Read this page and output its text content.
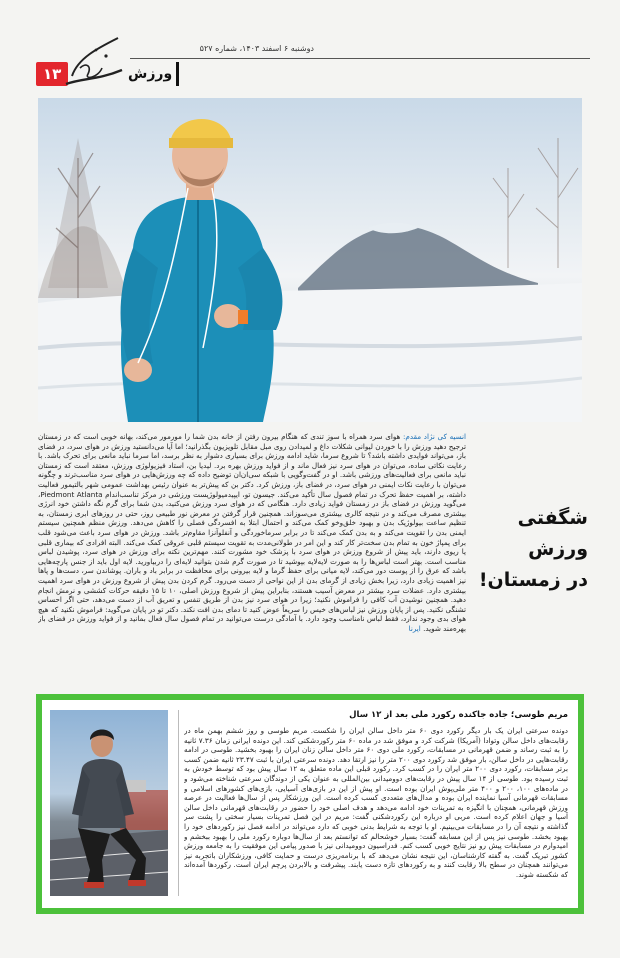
دوشنبه ۶ اسفند ۱۴۰۳، شماره ۵۲۷
١٣	ورزش
شگفتی ورزش
در زمستان!
انسیه کی نژاد مقدم: هوای سرد همراه با سوز تندی که هنگام بیرون رفتن از خانه بدن شما را مورمور می‌کند، بهانه خوبی است که در زمستان ترجیح دهید ورزش را با خوردن لیوانی شکلات داغ و لمیدادن روی مبل مقابل تلویزیون بگذرانید؛ اما آیا می‌دانستید ورزش در هوای سرد، در فضای باز، می‌تواند فوایدی داشته باشد؟ تا شروع سرما، شاید ادامه ورزش برای بسیاری دشوار به نظر برسد، اما سرما نباید مانعی برای تحرک باشد. با رعایت نکاتی ساده، می‌توان در هوای سرد نیز فعال ماند و از فواید ورزش بهره برد. لیدیا بن، استاد فیزیولوژی ورزش، معتقد است که زمستان نباید مانعی برای فعالیت‌های ورزشی باشد. او در گفت‌وگویی با شبکه سی‌ان‌ان توضیح داده که چه ورزش‌هایی در هوای سرد مناسب‌ترند و چگونه می‌توان با رعایت نکات ایمنی در هوای سرد، در فضای باز، ورزش کرد. دکتر بن که پیش‌تر به عنوان رئیس بهداشت عمومی شهر بالتیمور فعالیت داشته، بر اهمیت حفظ تحرک در تمام فصول سال تأکید می‌کند. جیسون تو، ایپیدمیولوژیست ورزشی در مرکز تناسب‌اندام Piedmont Atlanta، می‌گوید ورزش در فضای باز در زمستان فواید زیادی دارد. هنگامی که در هوای سرد ورزش می‌کنید، بدن شما برای گرم نگه داشتن خود انرژی بیشتری مصرف می‌کند و در نتیجه کالری بیشتری می‌سوزاند. همچنین قرار گرفتن در معرض نور طبیعی روز، حتی در روزهای ابری زمستان، به تنظیم ساعت بیولوژیک بدن و بهبود خلق‌وخو کمک می‌کند و احتمال ابتلا به افسردگی فصلی را کاهش می‌دهد. ورزش منظم همچنین سیستم ایمنی بدن را تقویت می‌کند و به بدن کمک می‌کند تا در برابر سرماخوردگی و آنفلوآنزا مقاوم‌تر باشد. ورزش در هوای سرد باعث می‌شود قلب برای پمپاژ خون به تمام بدن سخت‌تر کار کند و این امر در طولانی‌مدت به تقویت سیستم قلبی عروقی کمک می‌کند. البته افرادی که بیماری قلبی یا ریوی دارند، باید پیش از شروع ورزش در هوای سرد با پزشک خود مشورت کنند. مهم‌ترین نکته برای ورزش در هوای سرد، پوشیدن لباس مناسب است. بهتر است لباس‌ها را به صورت لایه‌لایه بپوشید تا در صورت گرم شدن بتوانید لایه‌ای را دربیاورید. لایه اول باید از جنس پارچه‌هایی باشد که عرق را از پوست دور می‌کند، لایه میانی برای حفظ گرما و لایه بیرونی برای محافظت در برابر باد و باران. پوشاندن سر، دست‌ها و پاها نیز اهمیت زیادی دارد، زیرا بخش زیادی از گرمای بدن از این نواحی از دست می‌رود. گرم کردن بدن پیش از شروع ورزش در هوای سرد اهمیت بیشتری دارد. عضلات سرد بیشتر در معرض آسیب هستند، بنابراین پیش از شروع ورزش اصلی، ۱۰ تا ۱۵ دقیقه حرکات کششی و نرمش انجام دهید. همچنین نوشیدن آب کافی را فراموش نکنید؛ زیرا در هوای سرد نیز بدن از طریق تنفس و تعریق آب از دست می‌دهد، حتی اگر احساس تشنگی نکنید. پس از پایان ورزش نیز لباس‌های خیس را سریعاً عوض کنید تا دمای بدن افت نکند. دکتر تو در پایان می‌گوید: فراموش نکنید که هیچ هوای بدی وجود ندارد، فقط لباس نامناسب وجود دارد. با آمادگی درست می‌توانید در تمام فصول سال فعال بمانید و از فواید ورزش در فضای باز بهره‌مند شوید. ایرنا
مریم طوسی؛ جاده جاکنده رکورد ملی بعد از ۱۲ سال
دونده سرعتی ایران یک بار دیگر رکورد دوی ۶۰ متر داخل سالن ایران را شکست. مریم طوسی و روز ششم بهمن ماه در رقابت‌های داخل سالن وتوادا (آمریکا) شرکت کرد و موفق شد در ماده ۶۰ متر رکوردشکنی کند. این دونده ایرانی زمان ۷.۳۶ ثانیه را به ثبت رساند و ضمن قهرمانی در مسابقات، رکورد ملی دوی ۶۰ متر داخل سالن زنان ایران را بهبود بخشید. طوسی در ادامه رقابت‌هایی در داخل سالن، بار موفق شد رکورد دوی ۲۰۰ متر را نیز ارتقا دهد. دونده سرعتی ایران با ثبت ۲۳.۴۷ ثانیه ضمن کسب برتر مسابقات، رکورد دوی ۲۰۰ متر ایران را در کسب کرد. رکورد قبلی این ماده متعلق به ۱۲ سال پیش بود که توسط خودش به ثبت رسیده بود. طوسی از ۱۴ سال پیش در رقابت‌های دوومیدانی بین‌المللی به عنوان یکی از دوندگان سرعتی شناخته می‌شود و در ماده‌های ۱۰۰، ۲۰۰ و ۴۰۰ متر ملی‌پوش ایران بوده است. او پیش از این در بازی‌های آسیایی، بازی‌های کشورهای اسلامی و مسابقات قهرمانی آسیا نماینده ایران بوده و مدال‌های متعددی کسب کرده است. این ورزشکار پس از سال‌ها فعالیت در عرصه ورزش قهرمانی، همچنان با انگیزه به تمرینات خود ادامه می‌دهد و هدف اصلی خود را حضور در رقابت‌های قهرمانی داخل سالن آسیا و جهان اعلام کرده است. مربی او درباره این رکوردشکنی گفت: مریم در این فصل تمرینات بسیار سختی را پشت سر گذاشته و نتیجه آن را در مسابقات می‌بینیم. او با توجه به شرایط بدنی خوبی که دارد می‌تواند در ادامه فصل نیز رکوردهای خود را بهبود بخشد. طوسی نیز پس از این مسابقه گفت: بسیار خوشحالم که توانستم بعد از سال‌ها دوباره رکورد ملی را بهبود ببخشم و امیدوارم در مسابقات پیش رو نیز نتایج خوبی کسب کنم. فدراسیون دوومیدانی نیز با صدور پیامی این موفقیت را به جامعه ورزش کشور تبریک گفت. به گفته کارشناسان، این نتیجه نشان می‌دهد که با برنامه‌ریزی درست و حمایت کافی، ورزشکاران باتجربه نیز می‌توانند همچنان در سطح بالا رقابت کنند و به رکوردهای تازه دست یابند. پیشرفت و بالابردن پرچم ایران است. رکوردها آمده‌اند که شکسته شوند.
